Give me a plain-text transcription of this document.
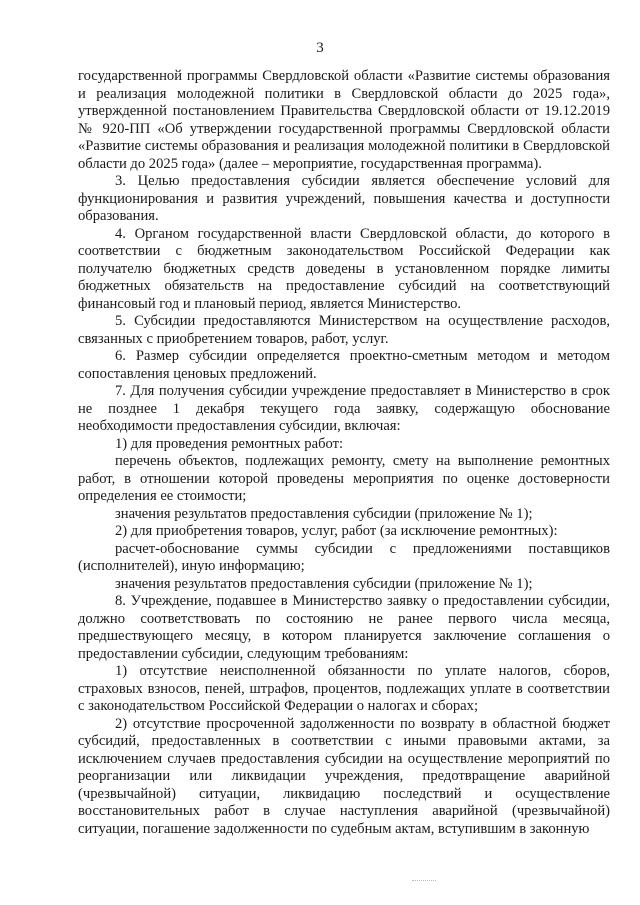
3

государственной программы Свердловской области «Развитие системы образования и реализация молодежной политики в Свердловской области до 2025 года», утвержденной постановлением Правительства Свердловской области от 19.12.2019 № 920-ПП «Об утверждении государственной программы Свердловской области «Развитие системы образования и реализация молодежной политики в Свердловской области до 2025 года» (далее – мероприятие, государственная программа).

3. Целью предоставления субсидии является обеспечение условий для функционирования и развития учреждений, повышения качества и доступности образования.

4. Органом государственной власти Свердловской области, до которого в соответствии с бюджетным законодательством Российской Федерации как получателю бюджетных средств доведены в установленном порядке лимиты бюджетных обязательств на предоставление субсидий на соответствующий финансовый год и плановый период, является Министерство.

5. Субсидии предоставляются Министерством на осуществление расходов, связанных с приобретением товаров, работ, услуг.

6. Размер субсидии определяется проектно-сметным методом и методом сопоставления ценовых предложений.

7. Для получения субсидии учреждение предоставляет в Министерство в срок не позднее 1 декабря текущего года заявку, содержащую обоснование необходимости предоставления субсидии, включая:

1) для проведения ремонтных работ:

перечень объектов, подлежащих ремонту, смету на выполнение ремонтных работ, в отношении которой проведены мероприятия по оценке достоверности определения ее стоимости;

значения результатов предоставления субсидии (приложение № 1);

2) для приобретения товаров, услуг, работ (за исключение ремонтных):

расчет-обоснование суммы субсидии с предложениями поставщиков (исполнителей), иную информацию;

значения результатов предоставления субсидии (приложение № 1);

8. Учреждение, подавшее в Министерство заявку о предоставлении субсидии, должно соответствовать по состоянию не ранее первого числа месяца, предшествующего месяцу, в котором планируется заключение соглашения о предоставлении субсидии, следующим требованиям:

1) отсутствие неисполненной обязанности по уплате налогов, сборов, страховых взносов, пеней, штрафов, процентов, подлежащих уплате в соответствии с законодательством Российской Федерации о налогах и сборах;

2) отсутствие просроченной задолженности по возврату в областной бюджет субсидий, предоставленных в соответствии с иными правовыми актами, за исключением случаев предоставления субсидии на осуществление мероприятий по реорганизации или ликвидации учреждения, предотвращение аварийной (чрезвычайной) ситуации, ликвидацию последствий и осуществление восстановительных работ в случае наступления аварийной (чрезвычайной) ситуации, погашение задолженности по судебным актам, вступившим в законную
